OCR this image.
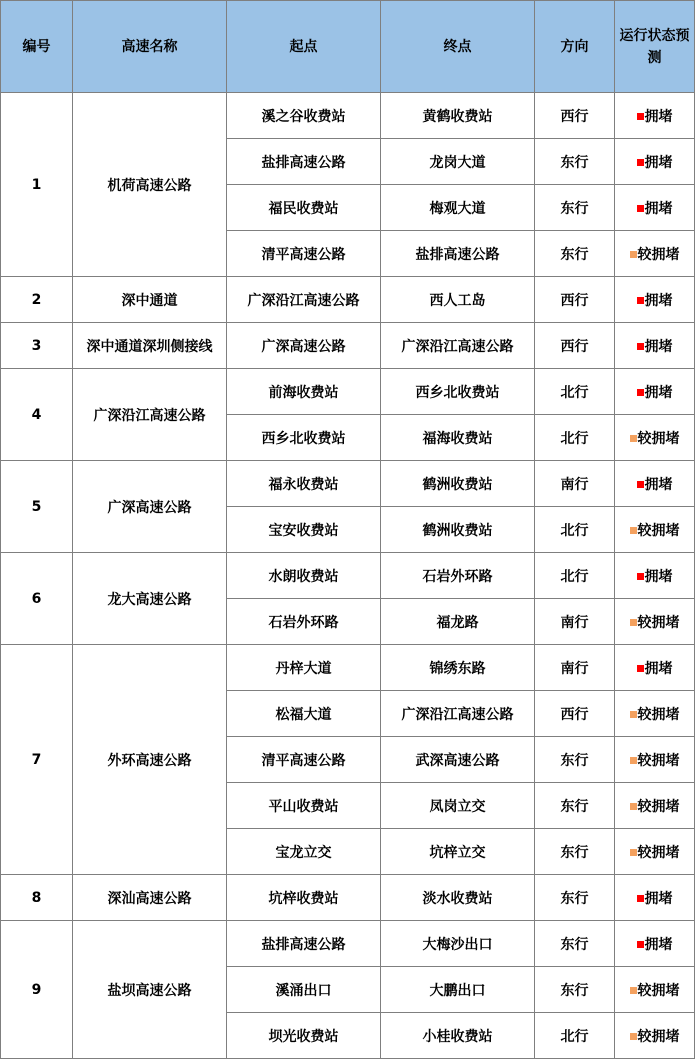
编号	高速名称	起点	终点	方向	运行状态预测
1	机荷高速公路	溪之谷收费站	黄鹤收费站	西行	拥堵
		盐排高速公路	龙岗大道	东行	拥堵
		福民收费站	梅观大道	东行	拥堵
		清平高速公路	盐排高速公路	东行	较拥堵
2	深中通道	广深沿江高速公路	西人工岛	西行	拥堵
3	深中通道深圳侧接线	广深高速公路	广深沿江高速公路	西行	拥堵
4	广深沿江高速公路	前海收费站	西乡北收费站	北行	拥堵
		西乡北收费站	福海收费站	北行	较拥堵
5	广深高速公路	福永收费站	鹤洲收费站	南行	拥堵
		宝安收费站	鹤洲收费站	北行	较拥堵
6	龙大高速公路	水朗收费站	石岩外环路	北行	拥堵
		石岩外环路	福龙路	南行	较拥堵
7	外环高速公路	丹梓大道	锦绣东路	南行	拥堵
		松福大道	广深沿江高速公路	西行	较拥堵
		清平高速公路	武深高速公路	东行	较拥堵
		平山收费站	凤岗立交	东行	较拥堵
		宝龙立交	坑梓立交	东行	较拥堵
8	深汕高速公路	坑梓收费站	淡水收费站	东行	拥堵
9	盐坝高速公路	盐排高速公路	大梅沙出口	东行	拥堵
		溪涌出口	大鹏出口	东行	较拥堵
		坝光收费站	小桂收费站	北行	较拥堵
